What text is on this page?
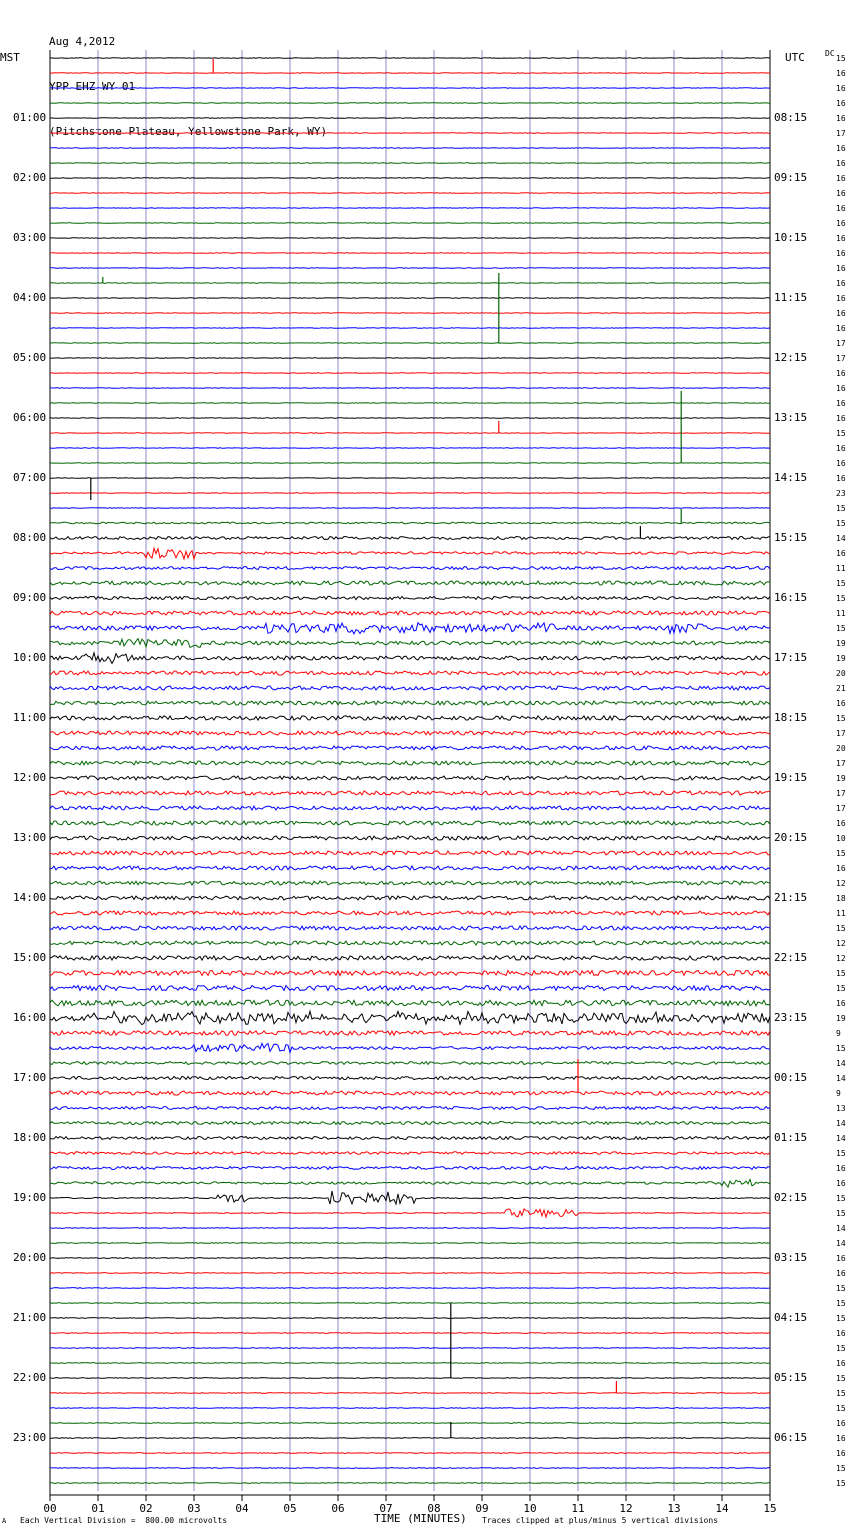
Aug 4,2012

YPP EHZ WY 01

(Pitchstone Plateau, Yellowstone Park, WY)

00	01	02	03	04	05	06	07	08	09	10	11	12	13	14	15
MST	UTC	DC
01:00
02:00
03:00
04:00
05:00
06:00
07:00
08:00
09:00
10:00
11:00
12:00
13:00
14:00
15:00
16:00
17:00
18:00
19:00
20:00
21:00
22:00
23:00
08:15
09:15
10:15
11:15
12:15
13:15
14:15
15:15
16:15
17:15
18:15
19:15
20:15
21:15
22:15
23:15
00:15
01:15
02:15
03:15
04:15
05:15
06:15
15
16
16
16
16
17
16
16
16
16
16
16
16
16
16
16
16
16
16
17
17
16
16
16
16
15
16
16
16
23
15
15
14
16
11
15
15
11
15
19
19
20
21
16
15
17
20
17
19
17
17
16
10
15
16
12
18
11
15
12
12
15
15
16
19
9
15
14
14
9
13
14
14
15
16
16
15
15
14
14
16
16
15
15
15
16
15
16
15
15
15
16
16
16
15
15
A Each Vertical Division =  800.00 microvolts	TIME (MINUTES) Traces clipped at plus/minus 5 vertical divisions
